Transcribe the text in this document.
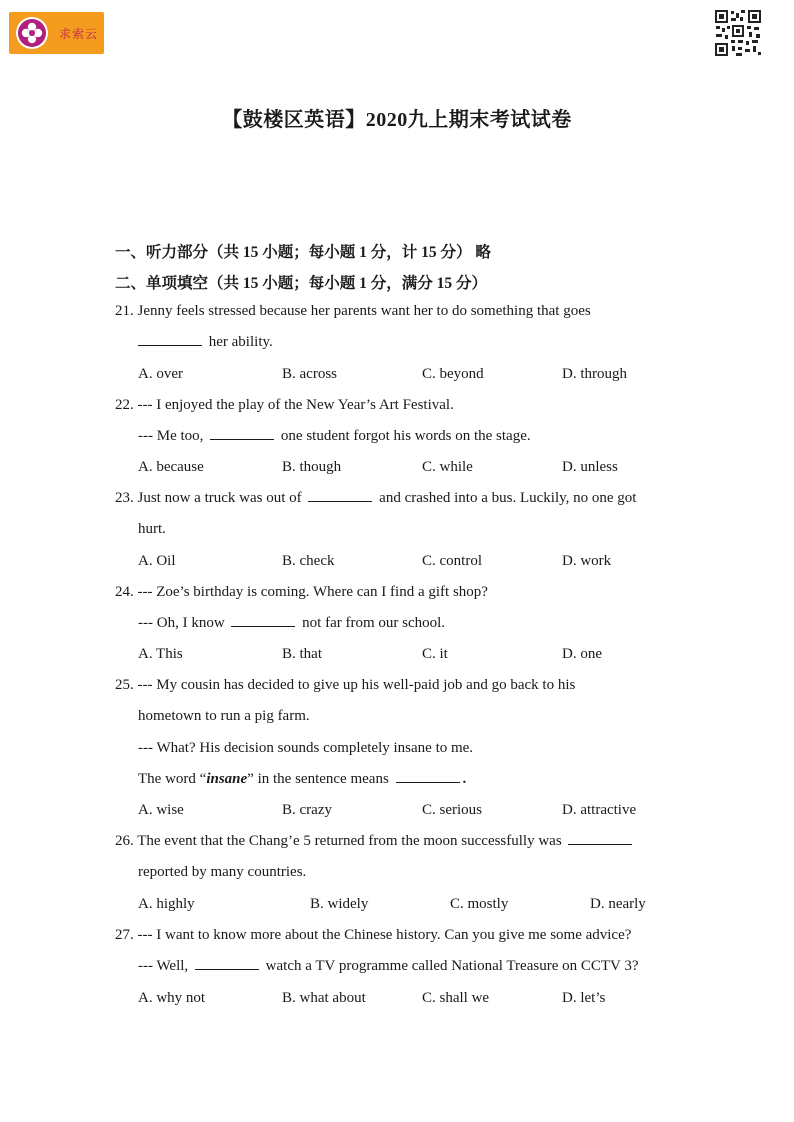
求索云
【鼓楼区英语】2020九上期末考试试卷
一、听力部分（共 15 小题；每小题 1 分，计 15 分） 略
二、单项填空（共 15 小题；每小题 1 分，满分 15 分）
21. Jenny feels stressed because her parents want her to do something that goes
her ability.
A. over	B. across	C. beyond	D. through
22. --- I enjoyed the play of the New Year’s Art Festival.
--- Me too,	one student forgot his words on the stage.
A. because	B. though	C. while	D. unless
23. Just now a truck was out of	and crashed into a bus. Luckily, no one got
hurt.
A. Oil	B. check	C. control	D. work
24. --- Zoe’s birthday is coming. Where can I find a gift shop?
--- Oh, I know	not far from our school.
A. This	B. that	C. it	D. one
25. --- My cousin has decided to give up his well-paid job and go back to his
hometown to run a pig farm.
--- What? His decision sounds completely insane to me.
The word “insane” in the sentence means	.
A. wise	B. crazy	C. serious	D. attractive
26. The event that the Chang’e 5 returned from the moon successfully was
reported by many countries.
A. highly	B. widely	C. mostly	D. nearly
27. --- I want to know more about the Chinese history. Can you give me some advice?
--- Well,	watch a TV programme called National Treasure on CCTV 3?
A. why not	B. what about	C. shall we	D. let’s
